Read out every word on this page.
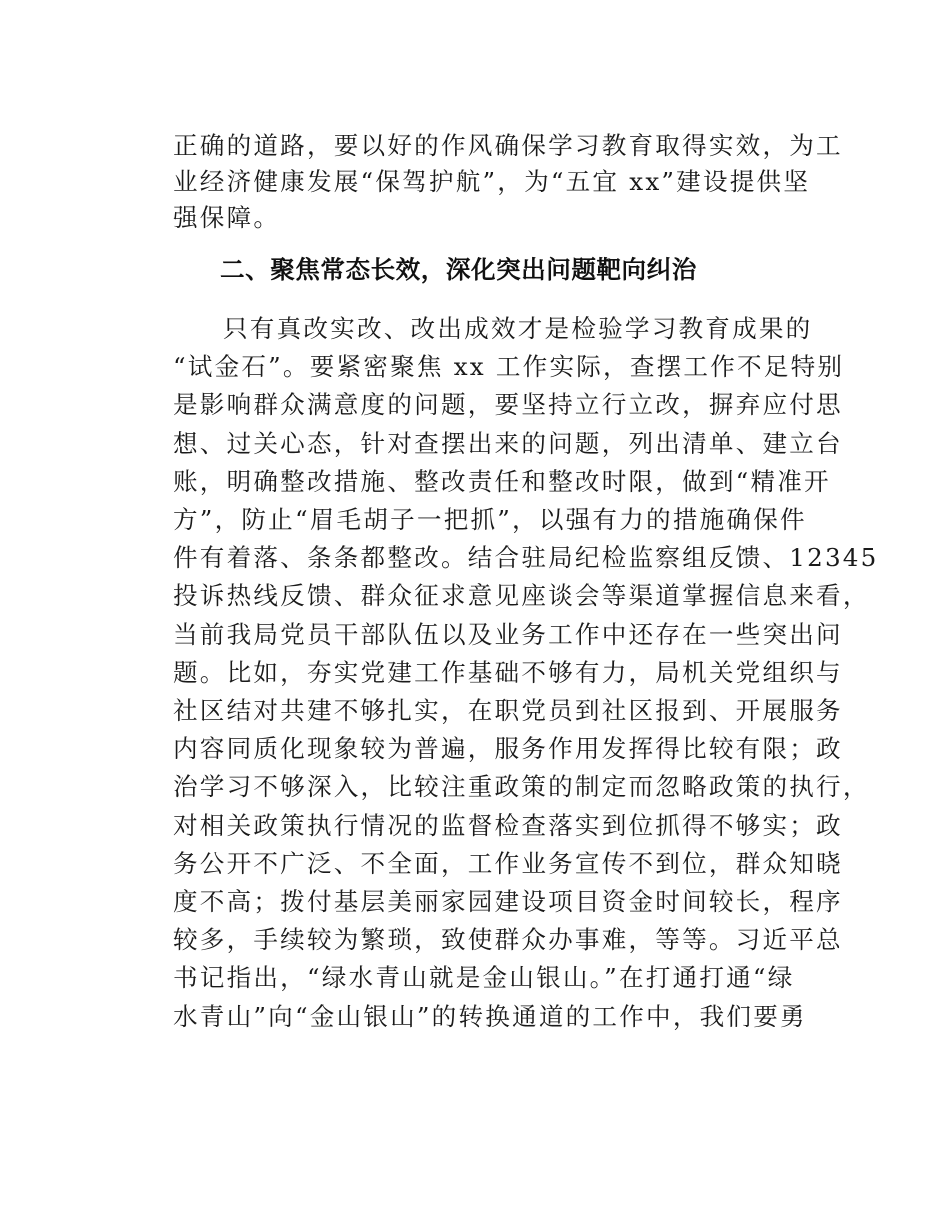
正确的道路，要以好的作风确保学习教育取得实效，为工
业经济健康发展“保驾护航”，为“五宜 xx”建设提供坚
强保障。
二、聚焦常态长效，深化突出问题靶向纠治
只有真改实改、改出成效才是检验学习教育成果的
“试金石”。要紧密聚焦 xx 工作实际，查摆工作不足特别
是影响群众满意度的问题，要坚持立行立改，摒弃应付思
想、过关心态，针对查摆出来的问题，列出清单、建立台
账，明确整改措施、整改责任和整改时限，做到“精准开
方”，防止“眉毛胡子一把抓”，以强有力的措施确保件
件有着落、条条都整改。结合驻局纪检监察组反馈、12345
投诉热线反馈、群众征求意见座谈会等渠道掌握信息来看，
当前我局党员干部队伍以及业务工作中还存在一些突出问
题。比如，夯实党建工作基础不够有力，局机关党组织与
社区结对共建不够扎实，在职党员到社区报到、开展服务
内容同质化现象较为普遍，服务作用发挥得比较有限；政
治学习不够深入，比较注重政策的制定而忽略政策的执行，
对相关政策执行情况的监督检查落实到位抓得不够实；政
务公开不广泛、不全面，工作业务宣传不到位，群众知晓
度不高；拨付基层美丽家园建设项目资金时间较长，程序
较多，手续较为繁琐，致使群众办事难，等等。习近平总
书记指出，“绿水青山就是金山银山。”在打通打通“绿
水青山”向“金山银山”的转换通道的工作中，我们要勇
